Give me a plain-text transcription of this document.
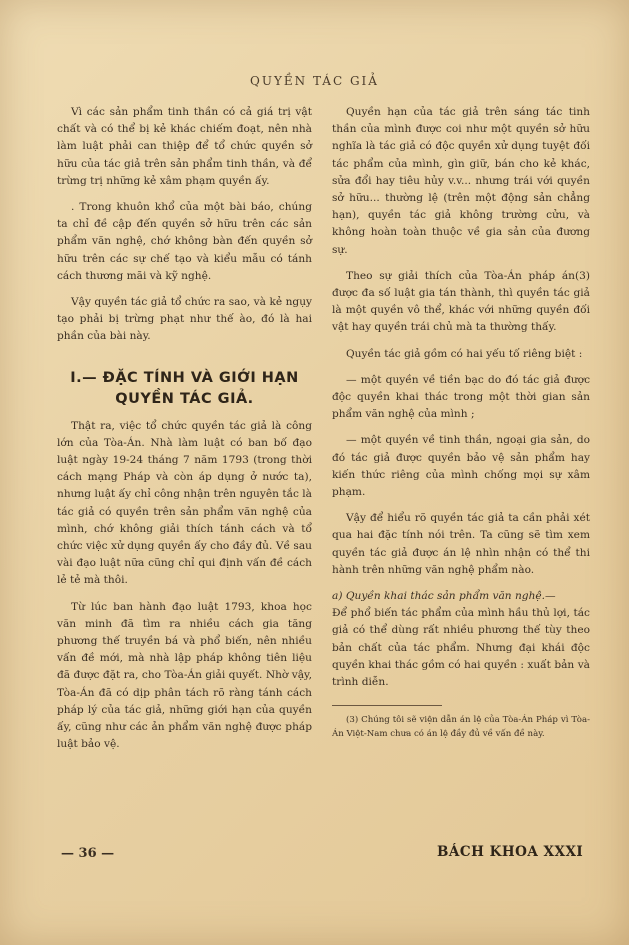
QUYỀN TÁC GIẢ

Vì các sản phẩm tinh thần có cả giá trị vật chất và có thể bị kẻ khác chiếm đoạt, nên nhà làm luật phải can thiệp để tổ chức quyền sở hữu của tác giả trên sản phẩm tinh thần, và để trừng trị những kẻ xâm phạm quyền ấy.

. Trong khuôn khổ của một bài báo, chúng ta chỉ đề cập đến quyền sở hữu trên các sản phẩm văn nghệ, chớ không bàn đến quyền sở hữu trên các sự chế tạo và kiểu mẫu có tánh cách thương mãi và kỹ nghệ.

Vậy quyền tác giả tổ chức ra sao, và kẻ ngụy tạo phải bị trừng phạt như thế ào, đó là hai phần của bài này.

I.— ĐẶC TÍNH VÀ GIỚI HẠN QUYỀN TÁC GIẢ.

Thật ra, việc tổ chức quyền tác giả là công lớn của Tòa-Án. Nhà làm luật có ban bố đạo luật ngày 19-24 tháng 7 năm 1793 (trong thời cách mạng Pháp và còn áp dụng ở nước ta), nhưng luật ấy chỉ công nhận trên nguyên tắc là tác giả có quyền trên sản phẩm văn nghệ của mình, chớ không giải thích tánh cách và tổ chức việc xử dụng quyền ấy cho đầy đủ. Về sau vài đạo luật nữa cũng chỉ qui định vấn đề cách lẻ tẻ mà thôi.

Từ lúc ban hành đạo luật 1793, khoa học văn minh đã tìm ra nhiều cách gia tăng phương thế truyền bá và phổ biến, nên nhiều vấn đề mới, mà nhà lập pháp không tiên liệu đã được đặt ra, cho Tòa-Án giải quyết. Nhờ vậy, Tòa-Án đã có dịp phân tách rõ ràng tánh cách pháp lý của tác giả, những giới hạn của quyền ấy, cũng như các ản phẩm văn nghệ được pháp luật bảo vệ.

Quyền hạn của tác giả trên sáng tác tinh thần của mình được coi như một quyền sở hữu nghĩa là tác giả có độc quyền xử dụng tuyệt đối tác phẩm của mình, gìn giữ, bán cho kẻ khác, sửa đổi hay tiêu hủy v.v... nhưng trái với quyền sở hữu... thường lệ (trên một động sản chẳng hạn), quyền tác giả không trường cửu, và không hoàn toàn thuộc về gia sản của đương sự.

Theo sự giải thích của Tòa-Án pháp án(3) được đa số luật gia tán thành, thì quyền tác giả là một quyền vô thể, khác với những quyền đối vật hay quyền trái chủ mà ta thường thấy.

Quyền tác giả gồm có hai yếu tố riêng biệt :

— một quyền về tiền bạc do đó tác giả được độc quyền khai thác trong một thời gian sản phẩm văn nghệ của mình ;

— một quyền về tinh thần, ngoại gia sản, do đó tác giả được quyền bảo vệ sản phẩm hay kiến thức riêng của mình chống mọi sự xâm phạm.

Vậy để hiểu rõ quyền tác giả ta cần phải xét qua hai đặc tính nói trên. Ta cũng sẽ tìm xem quyền tác giả được án lệ nhìn nhận có thể thi hành trên những văn nghệ phẩm nào.

a) Quyền khai thác sản phẩm văn nghệ.—

Để phổ biến tác phẩm của mình hầu thủ lợi, tác giả có thể dùng rất nhiều phương thế tùy theo bản chất của tác phẩm. Nhưng đại khái độc quyền khai thác gồm có hai quyền : xuất bản và trình diễn.

(3) Chúng tôi sẽ viện dẫn án lệ của Tòa-Án Pháp vì Tòa-Án Việt-Nam chưa có án lệ đầy đủ về vấn đề này.

— 36 —	BÁCH KHOA XXXI
